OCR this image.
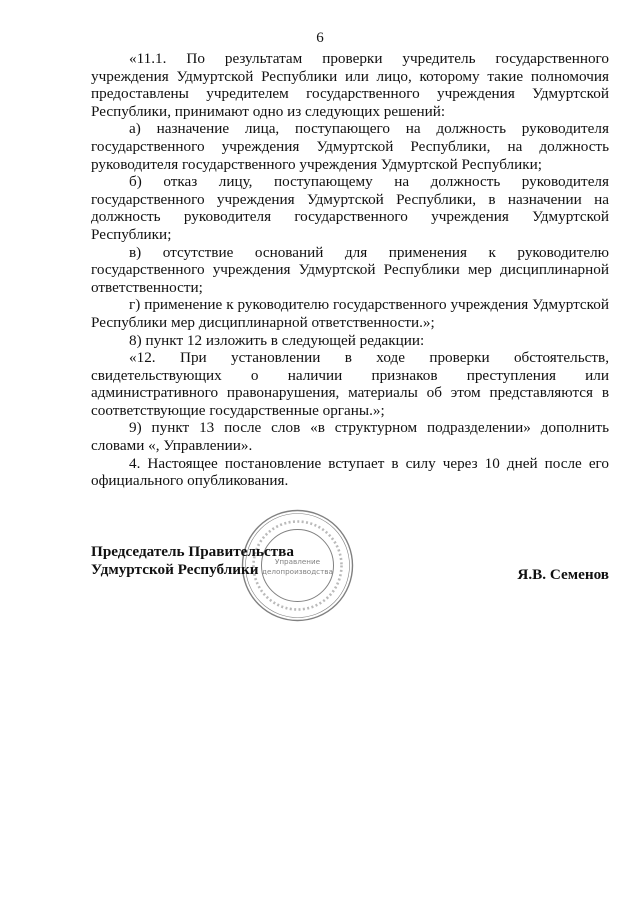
6

«11.1. По результатам проверки учредитель государственного учреждения Удмуртской Республики или лицо, которому такие полномочия предоставлены учредителем государственного учреждения Удмуртской Республики, принимают одно из следующих решений:

а) назначение лица, поступающего на должность руководителя государственного учреждения Удмуртской Республики, на должность руководителя государственного учреждения Удмуртской Республики;

б) отказ лицу, поступающему на должность руководителя государственного учреждения Удмуртской Республики, в назначении на должность руководителя государственного учреждения Удмуртской Республики;

в) отсутствие оснований для применения к руководителю государственного учреждения Удмуртской Республики мер дисциплинарной ответственности;

г) применение к руководителю государственного учреждения Удмуртской Республики мер дисциплинарной ответственности.»;

8) пункт 12 изложить в следующей редакции:

«12. При установлении в ходе проверки обстоятельств, свидетельствующих о наличии признаков преступления или административного правонарушения, материалы об этом представляются в соответствующие государственные органы.»;

9) пункт 13 после слов «в структурном подразделении» дополнить словами «, Управлении».

4. Настоящее постановление вступает в силу через 10 дней после его официального опубликования.

Управление
делопроизводства
Председатель Правительства
Удмуртской Республики	Я.В. Семенов
